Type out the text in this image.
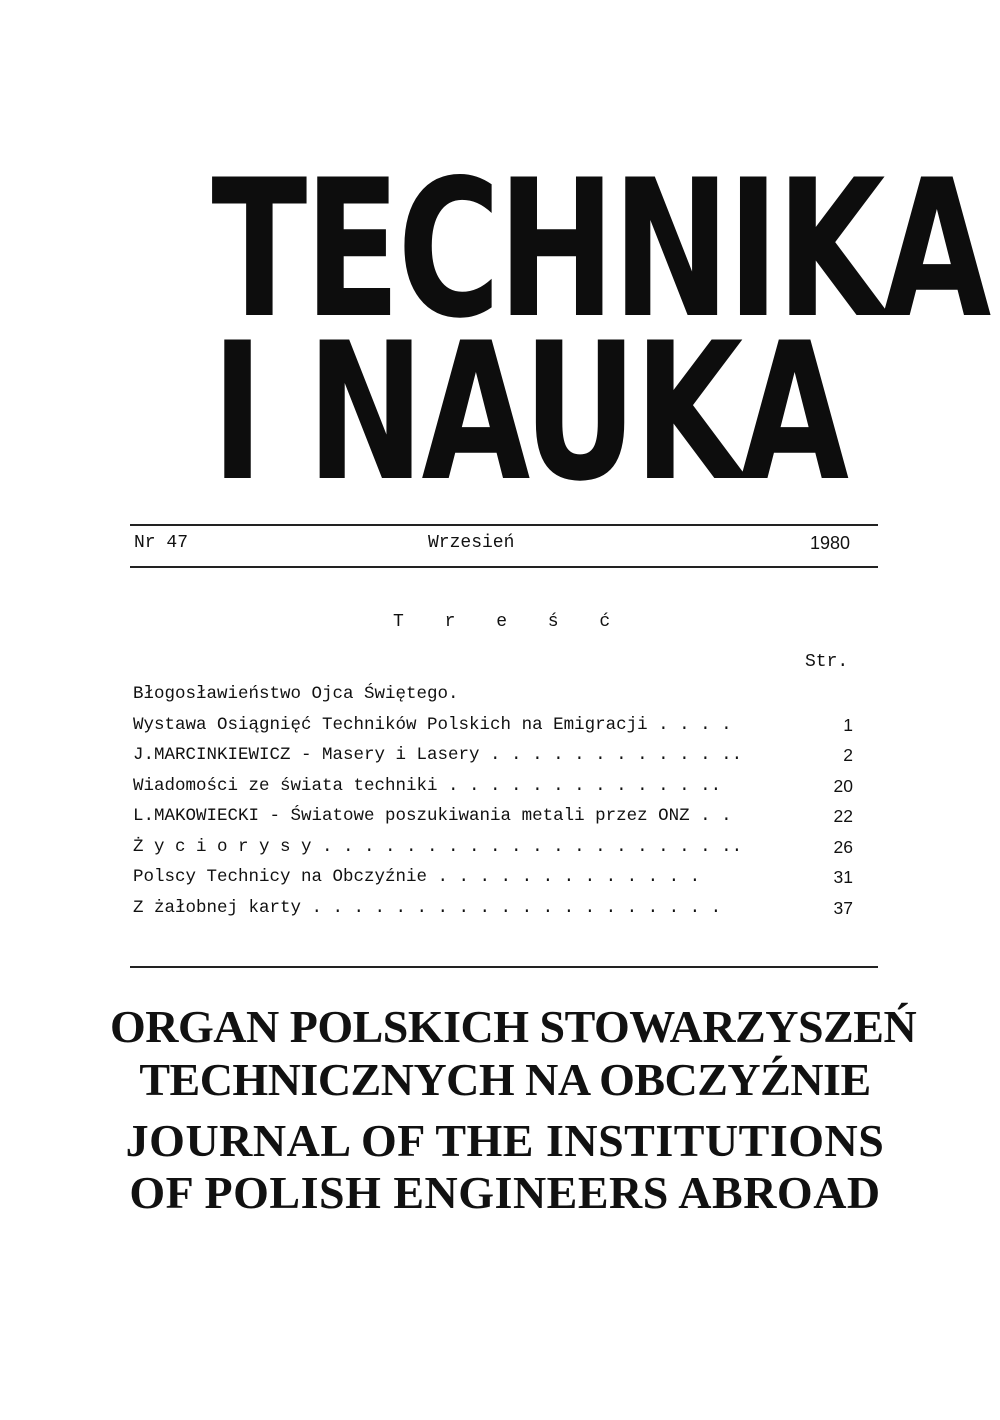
TECHNIKA
I NAUKA
Nr 47	Wrzesień	1980
T r e ś ć
Str.
Błogosławieństwo Ojca Świętego.
Wystawa Osiągnięć Techników Polskich na Emigracji . . . .	1
J.MARCINKIEWICZ - Masery i Lasery . . . . . . . . . . . ..	2
Wiadomości ze świata techniki . . . . . . . . . . . . ..	20
L.MAKOWIECKI - Światowe poszukiwania metali przez ONZ . .	22
Ż y c i o r y s y . . . . . . . . . . . . . . . . . . . ..	26
Polscy Technicy na Obczyźnie . . . . . . . . . . . . .	31
Z żałobnej karty . . . . . . . . . . . . . . . . . . . .	37
ORGAN POLSKICH STOWARZYSZEŃ
TECHNICZNYCH NA OBCZYŹNIE
JOURNAL OF THE INSTITUTIONS
OF POLISH ENGINEERS ABROAD
